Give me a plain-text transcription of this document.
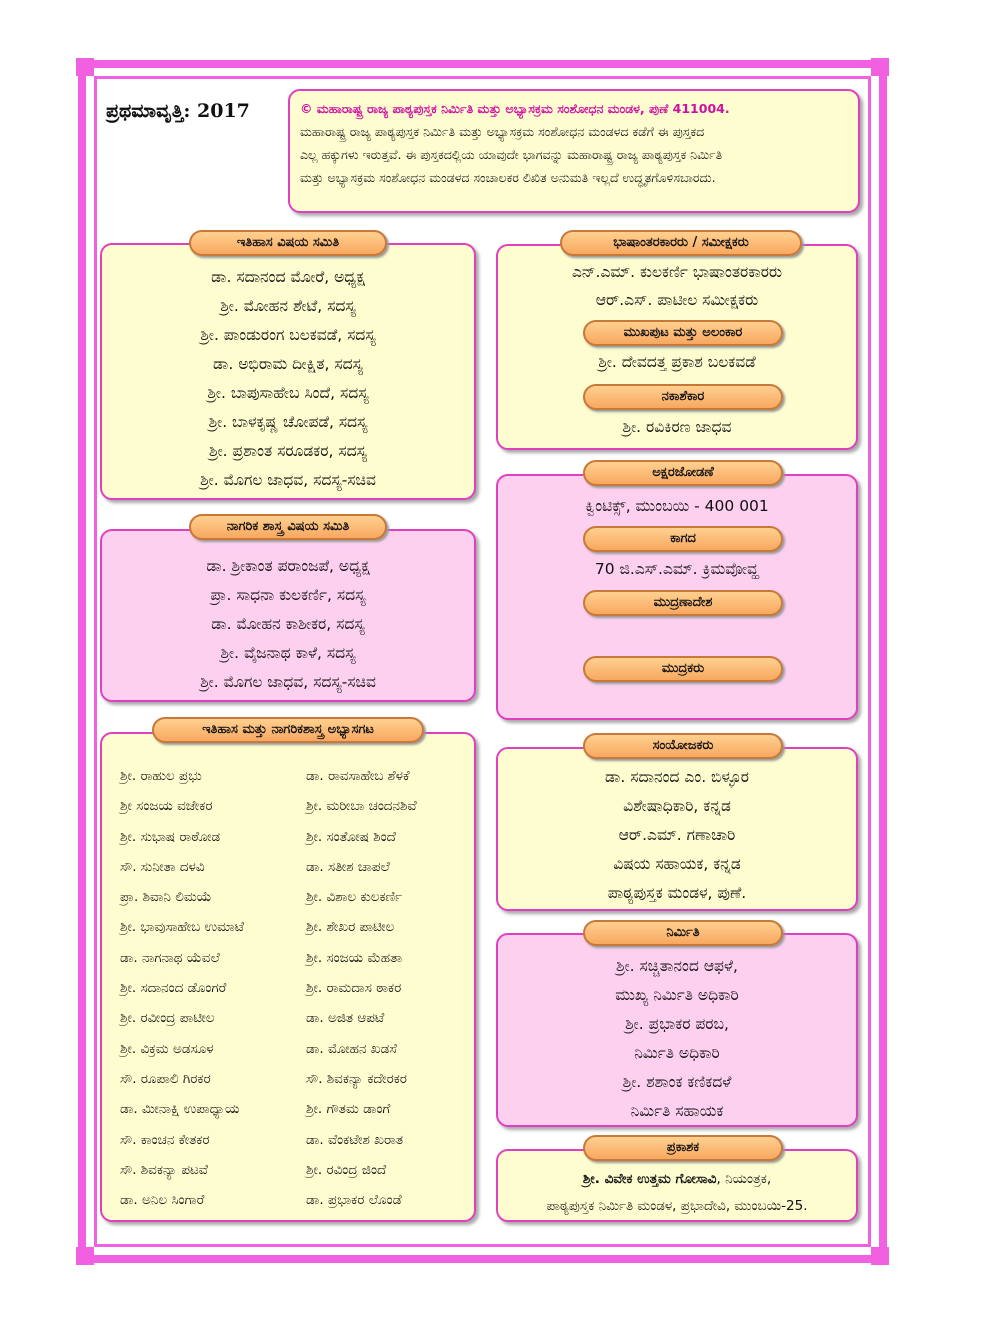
ಪ್ರಥಮಾವೃತ್ತಿ: 2017	© ಮಹಾರಾಷ್ಟ್ರ ರಾಜ್ಯ ಪಾಠ್ಯಪುಸ್ತಕ ನಿರ್ಮಿತಿ ಮತ್ತು ಅಭ್ಯಾಸಕ್ರಮ ಸಂಶೋಧನ ಮಂಡಳ, ಪುಣೆ 411004.
ಮಹಾರಾಷ್ಟ್ರ ರಾಜ್ಯ ಪಾಠ್ಯಪುಸ್ತಕ ನಿರ್ಮಿತಿ ಮತ್ತು ಅಭ್ಯಾಸಕ್ರಮ ಸಂಶೋಧನ ಮಂಡಳದ ಕಡೆಗೆ ಈ ಪುಸ್ತಕದ
ಎಲ್ಲ ಹಕ್ಕುಗಳು ಇರುತ್ತವೆ. ಈ ಪುಸ್ತಕದಲ್ಲಿಯ ಯಾವುದೇ ಭಾಗವನ್ನು ಮಹಾರಾಷ್ಟ್ರ ರಾಜ್ಯ ಪಾಠ್ಯಪುಸ್ತಕ ನಿರ್ಮಿತಿ
ಮತ್ತು ಅಭ್ಯಾಸಕ್ರಮ ಸಂಶೋಧನ ಮಂಡಳದ ಸಂಚಾಲಕರ ಲಿಖಿತ ಅನುಮತಿ ಇಲ್ಲದೆ ಉದ್ಧೃತಗೊಳಿಸಬಾರದು.
ಇತಿಹಾಸ ವಿಷಯ ಸಮಿತಿ
ಡಾ. ಸದಾನಂದ ಮೋರೆ, ಅಧ್ಯಕ್ಷ
ಶ್ರೀ. ಮೋಹನ ಶೇಟೆ, ಸದಸ್ಯ
ಶ್ರೀ. ಪಾಂಡುರಂಗ ಬಲಕವಡೆ, ಸದಸ್ಯ
ಡಾ. ಅಭಿರಾಮ ದೀಕ್ಷಿತ, ಸದಸ್ಯ
ಶ್ರೀ. ಬಾಪುಸಾಹೇಬ ಸಿಂದೆ, ಸದಸ್ಯ
ಶ್ರೀ. ಬಾಳಕೃಷ್ಣ ಚೋಪಡೆ, ಸದಸ್ಯ
ಶ್ರೀ. ಪ್ರಶಾಂತ ಸರೂಡಕರ, ಸದಸ್ಯ
ಶ್ರೀ. ಮೊಗಲ ಜಾಧವ, ಸದಸ್ಯ-ಸಚಿವ
ನಾಗರಿಕ ಶಾಸ್ತ್ರ ವಿಷಯ ಸಮಿತಿ
ಡಾ. ಶ್ರೀಕಾಂತ ಪರಾಂಜಪೆ, ಅಧ್ಯಕ್ಷ
ಪ್ರಾ. ಸಾಧನಾ ಕುಲಕರ್ಣಿ, ಸದಸ್ಯ
ಡಾ. ಮೋಹನ ಕಾಶೀಕರ, ಸದಸ್ಯ
ಶ್ರೀ. ವೈಜನಾಥ ಕಾಳೆ, ಸದಸ್ಯ
ಶ್ರೀ. ಮೊಗಲ ಜಾಧವ, ಸದಸ್ಯ-ಸಚಿವ
ಇತಿಹಾಸ ಮತ್ತು ನಾಗರಿಕಶಾಸ್ತ್ರ ಅಭ್ಯಾಸಗಟ
ಶ್ರೀ. ರಾಹುಲ ಪ್ರಭು
ಶ್ರೀ ಸಂಜಯ ವಜೇಕರ
ಶ್ರೀ. ಸುಭಾಷ ರಾಠೋಡ
ಸೌ. ಸುನೀತಾ ದಳವಿ
ಪ್ರಾ. ಶಿವಾನಿ ಲಿಮಯೆ
ಶ್ರೀ. ಭಾವುಸಾಹೇಬ ಉಮಾಟೆ
ಡಾ. ನಾಗನಾಥ ಯೆವಲೆ
ಶ್ರೀ. ಸದಾನಂದ ಡೊಂಗರೆ
ಶ್ರೀ. ರವೀಂದ್ರ ಪಾಟೀಲ
ಶ್ರೀ. ವಿಕ್ರಮ ಅಡಸೂಳ
ಸೌ. ರೂಪಾಲಿ ಗಿರಕರ
ಡಾ. ಮೀನಾಕ್ಷಿ ಉಪಾಧ್ಯಾಯ
ಸೌ. ಕಾಂಚನ ಕೇತಕರ
ಸೌ. ಶಿವಕನ್ಯಾ ಪಟವೆ
ಡಾ. ಅನಿಲ ಸಿಂಗಾರೆ
ಡಾ. ರಾವಸಾಹೇಬ ಶೆಳಕೆ
ಶ್ರೀ. ಮರೀಬಾ ಚಂದನಶಿವೆ
ಶ್ರೀ. ಸಂತೋಷ ಶಿಂದೆ
ಡಾ. ಸತೀಶ ಚಾಪಲೆ
ಶ್ರೀ. ವಿಶಾಲ ಕುಲಕರ್ಣಿ
ಶ್ರೀ. ಶೇಖರ ಪಾಟೀಲ
ಶ್ರೀ. ಸಂಜಯ ಮೆಹತಾ
ಶ್ರೀ. ರಾಮದಾಸ ಠಾಕರ
ಡಾ. ಅಜಿತ ಆಪಟೆ
ಡಾ. ಮೋಹನ ಖಡಸೆ
ಸೌ. ಶಿವಕನ್ಯಾ ಕದೇರಕರ
ಶ್ರೀ. ಗೌತಮ ಡಾಂಗೆ
ಡಾ. ವೆಂಕಟೇಶ ಖರಾತ
ಶ್ರೀ. ರವಿಂದ್ರ ಜಿಂದೆ
ಡಾ. ಪ್ರಭಾಕರ ಲೊಂಡೆ
ಭಾಷಾಂತರಕಾರರು / ಸಮೀಕ್ಷಕರು
ಎನ್.ಎಮ್. ಕುಲಕರ್ಣಿ ಭಾಷಾಂತರಕಾರರು
ಆರ್.ಎಸ್. ಪಾಟೀಲ ಸಮೀಕ್ಷಕರು
ಮುಖಪುಟ ಮತ್ತು ಅಲಂಕಾರ
ಶ್ರೀ. ದೇವದತ್ತ ಪ್ರಕಾಶ ಬಲಕವಡೆ
ನಕಾಶೆಕಾರ
ಶ್ರೀ. ರವಿಕಿರಣ ಜಾಧವ
ಅಕ್ಷರಜೋಡಣೆ
ಕ್ವಿಂಟಿಕ್ಸ್, ಮುಂಬಯಿ - 400 001
ಕಾಗದ
70 ಜಿ.ಎಸ್.ಎಮ್. ಕ್ರಿಮವೋವ್ಹ
ಮುದ್ರಣಾದೇಶ
ಮುದ್ರಕರು
ಸಂಯೋಜಕರು
ಡಾ. ಸದಾನಂದ ಎಂ. ಬಿಳ್ಳೂರ
ವಿಶೇಷಾಧಿಕಾರಿ, ಕನ್ನಡ
ಆರ್.ಎಮ್. ಗಣಾಚಾರಿ
ವಿಷಯ ಸಹಾಯಕ, ಕನ್ನಡ
ಪಾಠ್ಯಪುಸ್ತಕ ಮಂಡಳ, ಪುಣೆ.
ನಿರ್ಮಿತಿ
ಶ್ರೀ. ಸಚ್ಚಿತಾನಂದ ಆಫಳೆ,
ಮುಖ್ಯ ನಿರ್ಮಿತಿ ಅಧಿಕಾರಿ
ಶ್ರೀ. ಪ್ರಭಾಕರ ಪರಬ,
ನಿರ್ಮಿತಿ ಅಧಿಕಾರಿ
ಶ್ರೀ. ಶಶಾಂಕ ಕಣಿಕದಳೆ
ನಿರ್ಮಿತಿ ಸಹಾಯಕ
ಪ್ರಕಾಶಕ
ಶ್ರೀ. ವಿವೇಕ ಉತ್ತಮ ಗೋಸಾವಿ, ನಿಯಂತ್ರಕ,
ಪಾಠ್ಯಪುಸ್ತಕ ನಿರ್ಮಿತಿ ಮಂಡಳ, ಪ್ರಭಾದೇವಿ, ಮುಂಬಯಿ-25.
